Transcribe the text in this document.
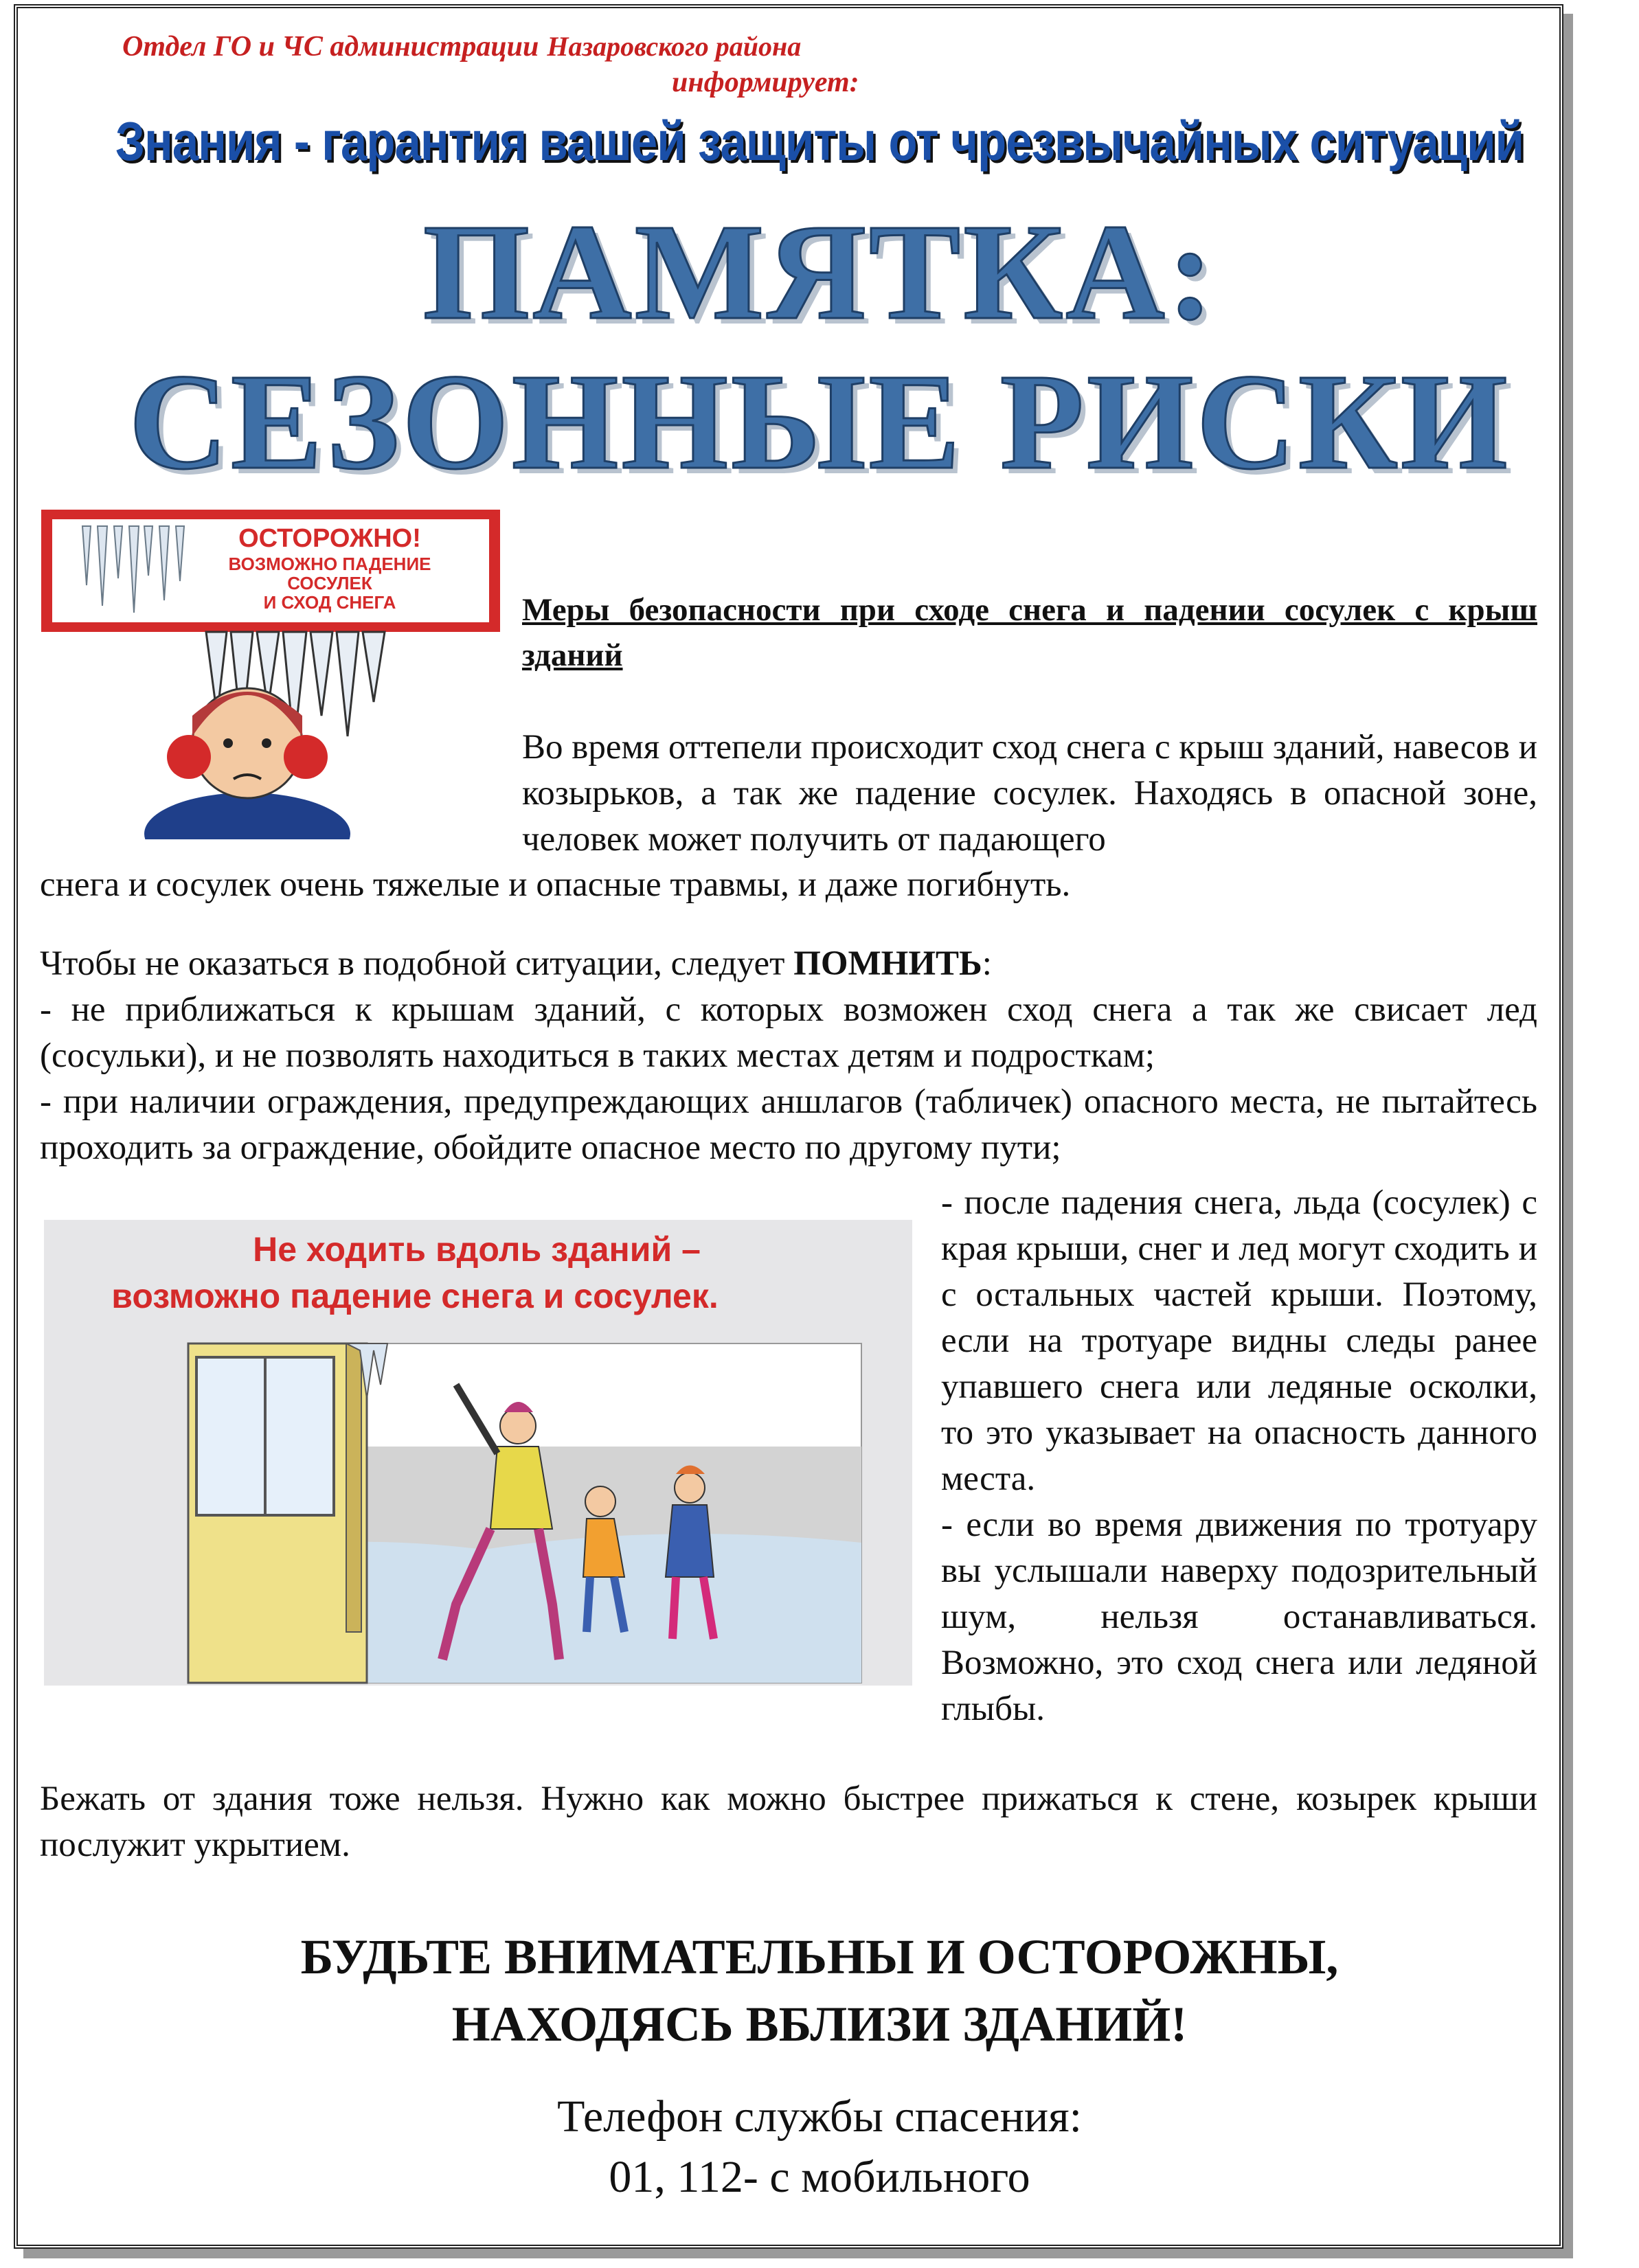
Отдел ГО и ЧС администрации Назаровского района
информирует:
Знания - гарантия вашей защиты от чрезвычайных ситуаций
ПАМЯТКА:
СЕЗОННЫЕ РИСКИ
ОСТОРОЖНО!
ВОЗМОЖНО ПАДЕНИЕ
СОСУЛЕК
И СХОД СНЕГА	Меры безопасности при сходе снега и падении сосулек с крыш зданий
Во время оттепели происходит сход снега с крыш зданий, навесов и козырьков, а так же падение сосулек. Находясь в опасной зоне, человек может получить от падающего
снега и сосулек очень тяжелые и опасные травмы, и даже погибнуть.
Чтобы не оказаться в подобной ситуации, следует ПОМНИТЬ:
- не приближаться к крышам зданий, с которых возможен сход снега а так же свисает лед (сосульки), и не позволять находиться в таких местах детям и подросткам;
- при наличии ограждения, предупреждающих аншлагов (табличек) опасного места, не пытайтесь проходить за ограждение, обойдите опасное место по другому пути;
Не ходить вдоль зданий –
возможно падение снега и сосулек.
- после падения снега, льда (сосулек) с края крыши, снег и лед могут сходить и с остальных частей крыши. Поэтому, если на тротуаре видны следы ранее упавшего снега или ледяные осколки, то это указывает на опасность данного места.
- если во время движения по тротуару вы услышали наверху подозрительный шум, нельзя останавливаться. Возможно, это сход снега или ледяной глыбы.
Бежать от здания тоже нельзя. Нужно как можно быстрее прижаться к стене, козырек крыши послужит укрытием.
БУДЬТЕ ВНИМАТЕЛЬНЫ И ОСТОРОЖНЫ,
НАХОДЯСЬ ВБЛИЗИ ЗДАНИЙ!
Телефон службы спасения:
01, 112- с мобильного
